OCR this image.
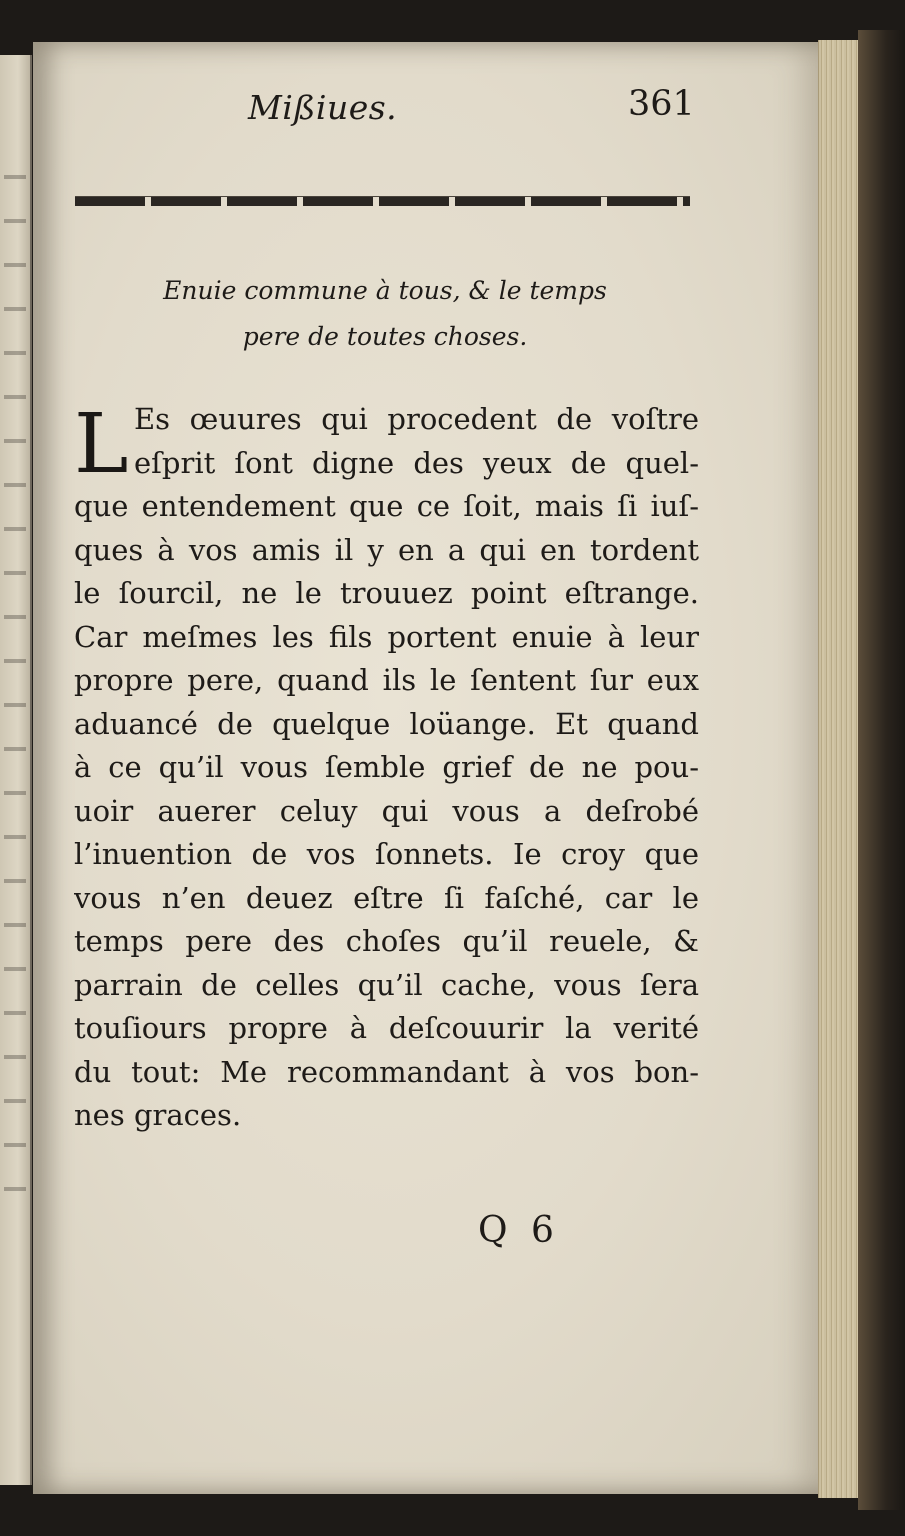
Mißiues.	361
Enuie commune à tous, & le temps
pere de toutes choses.
L Es œuures qui procedent de voſtre
eſprit ſont digne des yeux de quel-
que entendement que ce ſoit, mais ſi iuſ-
ques à vos amis il y en a qui en tordent
le ſourcil, ne le trouuez point eſtrange.
Car meſmes les fils portent enuie à leur
propre pere, quand ils le ſentent ſur eux
aduancé de quelque loüange. Et quand
à ce qu’il vous ſemble grief de ne pou-
uoir auerer celuy qui vous a deſrobé
l’inuention de vos ſonnets. Ie croy que
vous n’en deuez eſtre ſi faſché, car le
temps pere des choſes qu’il reuele, &
parrain de celles qu’il cache, vous ſera
touſiours propre à deſcouurir la verité
du tout: Me recommandant à vos bon-
nes graces.
Q 6
